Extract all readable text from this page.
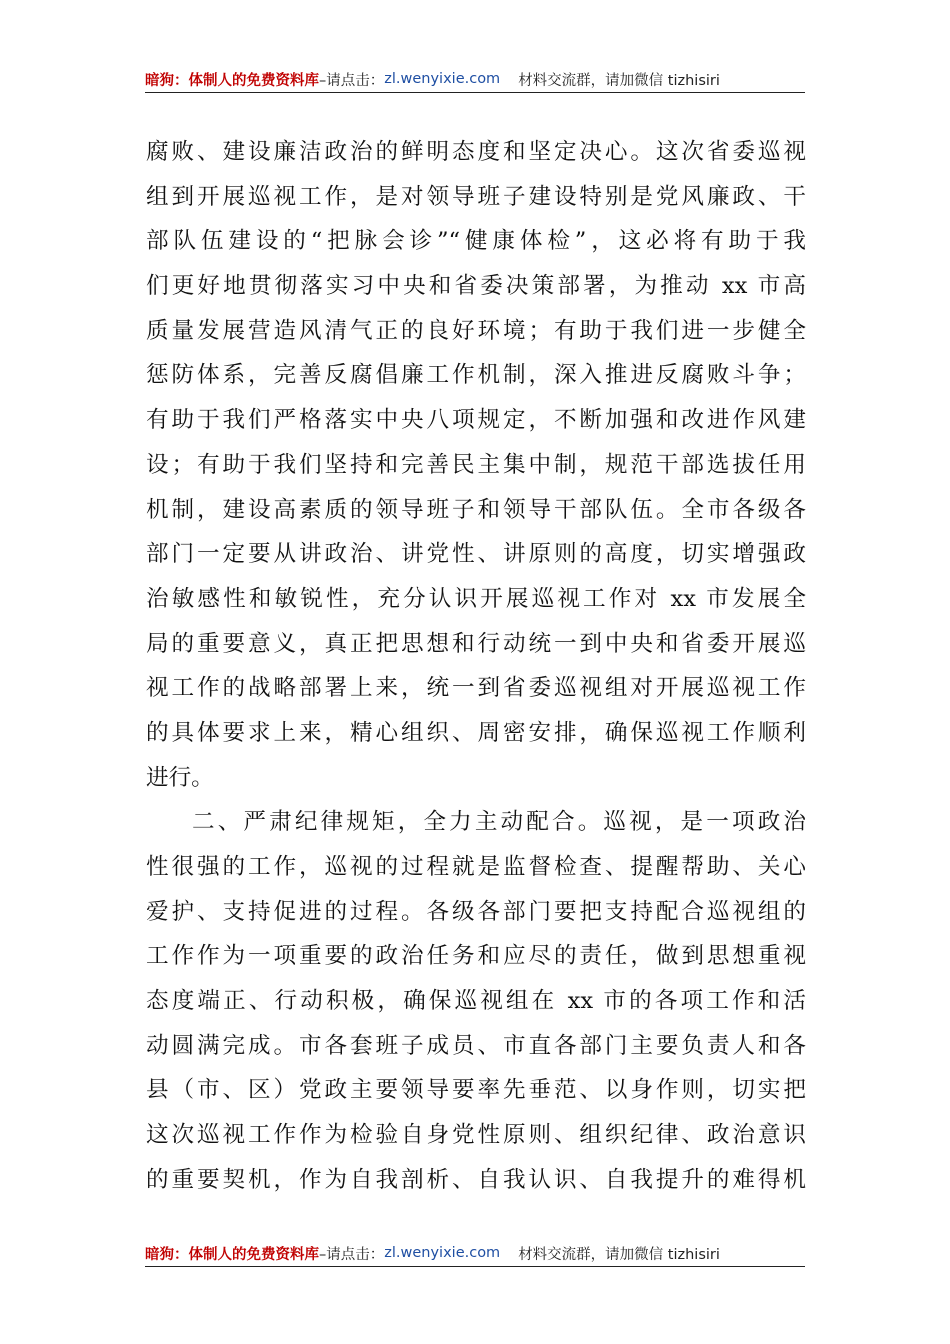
暗狗：体制人的免费资料库 –请点击： zl.wenyixie.com 材料交流群，请加微信 tizhisiri
腐败、建设廉洁政治的鲜明态度和坚定决心。这次省委巡视
组到开展巡视工作，是对领导班子建设特别是党风廉政、干
部队伍建设的“把脉会诊”“健康体检”，这必将有助于我
们更好地贯彻落实习中央和省委决策部署，为推动 xx 市高
质量发展营造风清气正的良好环境；有助于我们进一步健全
惩防体系，完善反腐倡廉工作机制，深入推进反腐败斗争；
有助于我们严格落实中央八项规定，不断加强和改进作风建
设；有助于我们坚持和完善民主集中制，规范干部选拔任用
机制，建设高素质的领导班子和领导干部队伍。全市各级各
部门一定要从讲政治、讲党性、讲原则的高度，切实增强政
治敏感性和敏锐性，充分认识开展巡视工作对 xx 市发展全
局的重要意义，真正把思想和行动统一到中央和省委开展巡
视工作的战略部署上来，统一到省委巡视组对开展巡视工作
的具体要求上来，精心组织、周密安排，确保巡视工作顺利
进行。
二、严肃纪律规矩，全力主动配合。巡视，是一项政治
性很强的工作，巡视的过程就是监督检查、提醒帮助、关心
爱护、支持促进的过程。各级各部门要把支持配合巡视组的
工作作为一项重要的政治任务和应尽的责任，做到思想重视
态度端正、行动积极，确保巡视组在 xx 市的各项工作和活
动圆满完成。市各套班子成员、市直各部门主要负责人和各
县（市、区）党政主要领导要率先垂范、以身作则，切实把
这次巡视工作作为检验自身党性原则、组织纪律、政治意识
的重要契机，作为自我剖析、自我认识、自我提升的难得机
暗狗：体制人的免费资料库 –请点击： zl.wenyixie.com 材料交流群，请加微信 tizhisiri
